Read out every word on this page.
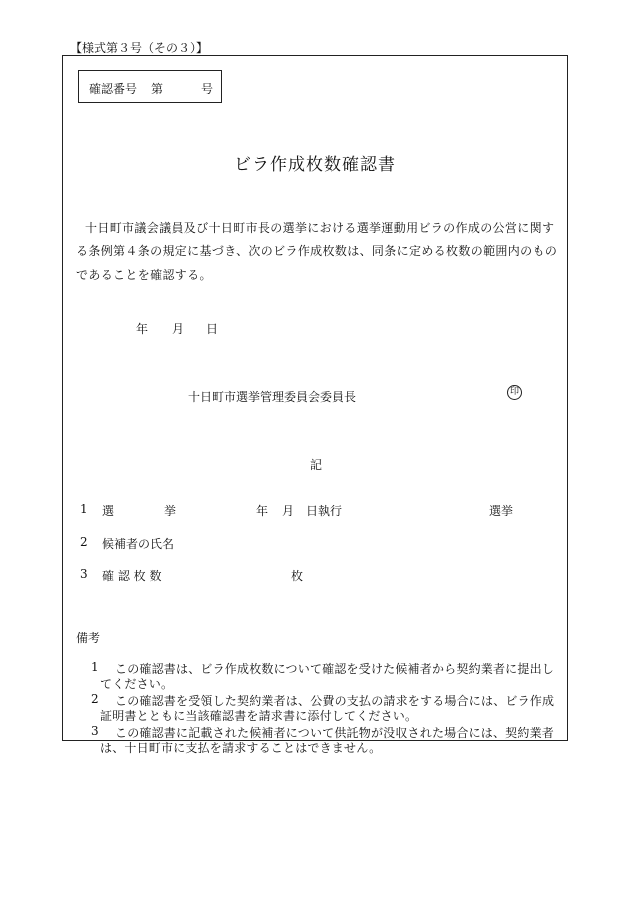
【様式第３号（その３）】
確認番号 第	号
ビラ作成枚数確認書
十日町市議会議員及び十日町市長の選挙における選挙運動用ビラの作成の公営に関す
る条例第４条の規定に基づき、次のビラ作成枚数は、同条に定める枚数の範囲内のもの
であることを確認する。
年 月 日
十日町市選挙管理委員会委員長	印
記
1 選	挙	年 月　日執行	選挙
2 候補者の氏名
3 確 認 枚 数	枚
備考
1 この確認書は、ビラ作成枚数について確認を受けた候補者から契約業者に提出し
てください。
2 この確認書を受領した契約業者は、公費の支払の請求をする場合には、ビラ作成
証明書とともに当該確認書を請求書に添付してください。
3 この確認書に記載された候補者について供託物が没収された場合には、契約業者
は、十日町市に支払を請求することはできません。
